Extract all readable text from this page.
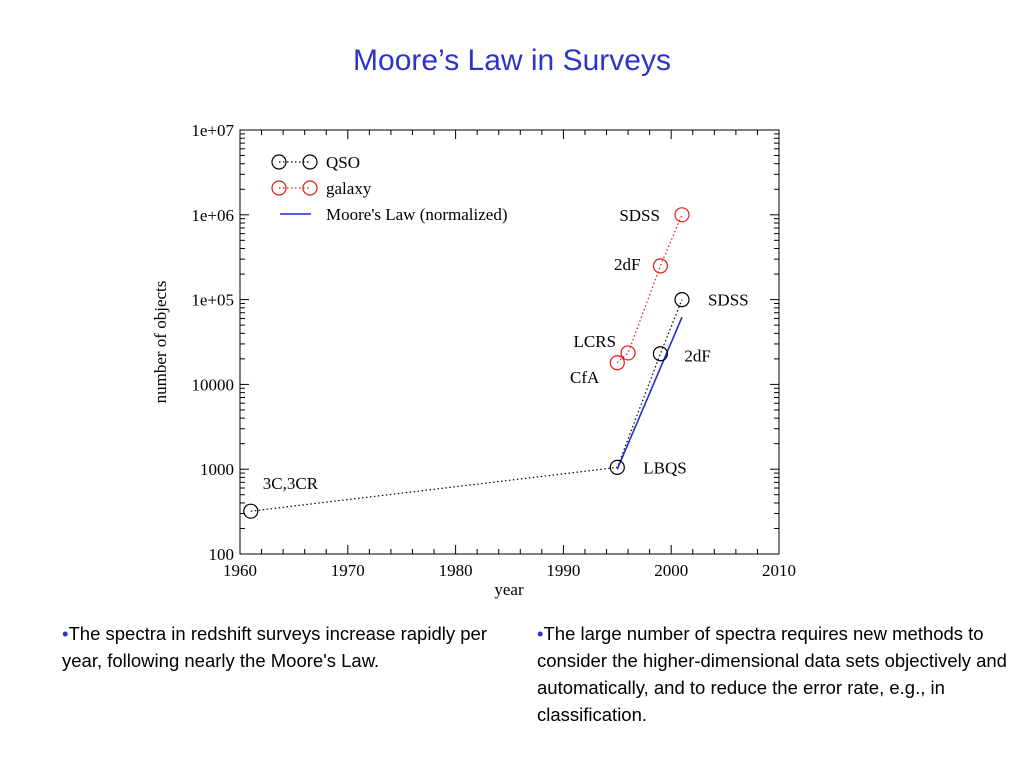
Moore’s Law in Surveys
1960	1970	1980	1990	2000	2010
100
1000
10000
1e+05
1e+06
1e+07
3C,3CR
LBQS
2dF
SDSS
CfA
LCRS
2dF
SDSS
year
number of objects
QSO
galaxy
Moore's Law (normalized)
•The spectra in redshift surveys increase rapidly per year, following nearly the Moore's Law.
•The large number of spectra requires new methods to consider the higher-dimensional data sets objectively and automatically, and to reduce the error rate, e.g., in classification.
